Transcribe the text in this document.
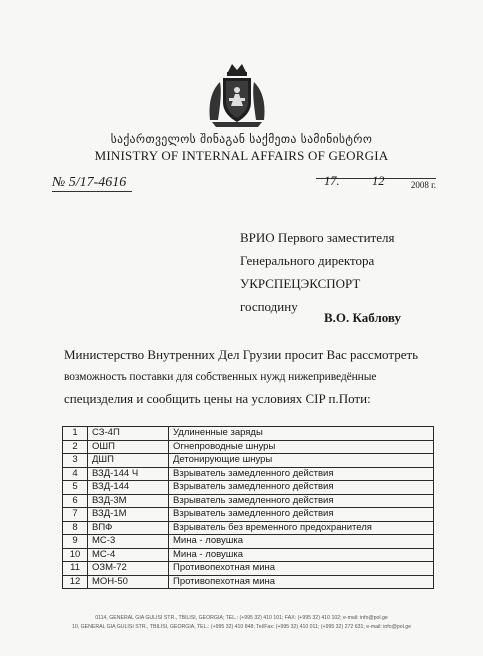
საქართველოს შინაგან საქმეთა სამინისტრო
MINISTRY OF INTERNAL AFFAIRS OF GEORGIA
№ 5/17-4616	17.	12	2008 г.
ВРИО Первого заместителя
Генерального директора
УКРСПЕЦЭКСПОРТ
господину
В.О. Каблову
Министерство Внутренних Дел Грузии просит Вас рассмотреть
возможность поставки для собственных нужд нижеприведённые
специзделия и сообщить цены на условиях CIP п.Поти:
1	СЗ-4П	Удлиненные заряды
2	ОШП	Огнепроводные шнуры
3	ДШП	Детонирующие шнуры
4	ВЗД-144 Ч	Взрыватель замедленного действия
5	ВЗД-144	Взрыватель замедленного действия
6	ВЗД-3М	Взрыватель замедленного действия
7	ВЗД-1М	Взрыватель замедленного действия
8	ВПФ	Взрыватель без временного предохранителя
9	МС-3	Мина - ловушка
10	МС-4	Мина - ловушка
11	ОЗМ-72	Противопехотная мина
12	МОН-50	Противопехотная мина
0114, GENERAL GIA GULISI STR., TBILISI, GEORGIA; TEL.: (+995 32) 410 101; FAX: (+995 32) 410 102; e-mail: info@pol.ge
10, GENERAL GIA GULISI STR., TBILISI, GEORGIA, TEL.: (+995 32) 410 848; Tel/Fax: (+995 32) 410 011; (+995 32) 272 631; e-mail: info@pol.ge
